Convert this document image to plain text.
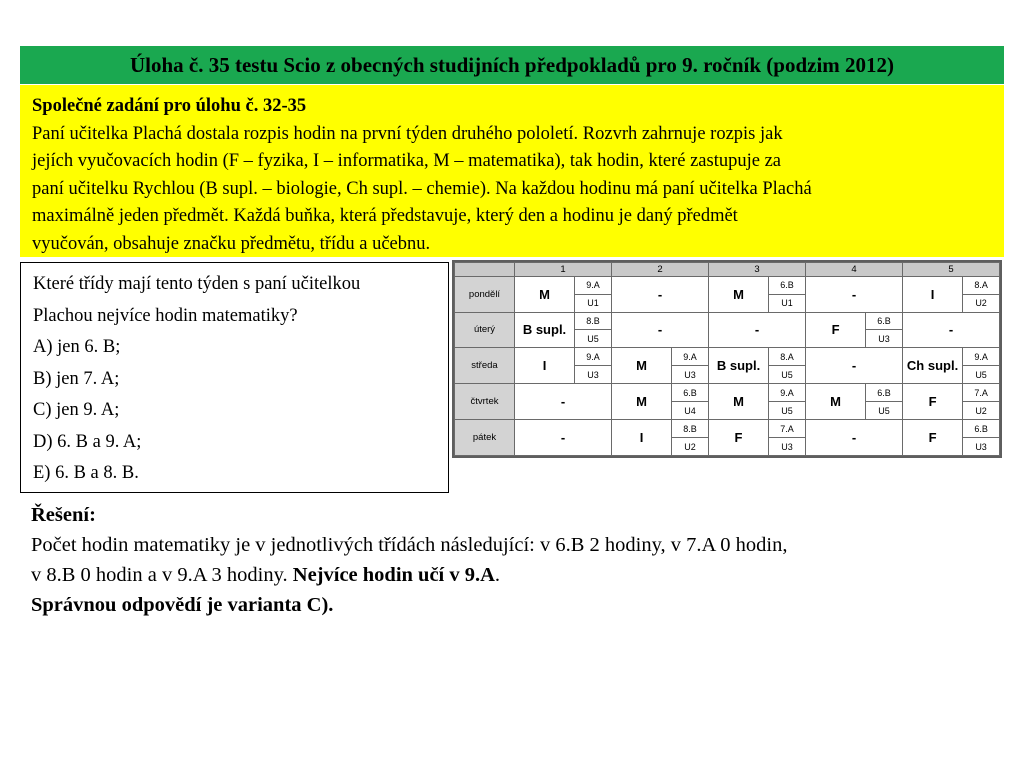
Úloha č. 35 testu Scio z obecných studijních předpokladů pro 9. ročník (podzim 2012)
Společné zadání pro úlohu č. 32-35
Paní učitelka Plachá dostala rozpis hodin na první týden druhého pololetí. Rozvrh zahrnuje rozpis jak
jejích vyučovacích hodin (F – fyzika, I – informatika, M – matematika), tak hodin, které zastupuje za
paní učitelku Rychlou (B supl. – biologie, Ch supl. – chemie). Na každou hodinu má paní učitelka Plachá
maximálně jeden předmět. Každá buňka, která představuje, který den a hodinu je daný předmět
vyučován, obsahuje značku předmětu, třídu a učebnu.

Které třídy mají tento týden s paní učitelkou

Plachou nejvíce hodin matematiky?

A) jen 6. B;

B) jen 7. A;

C) jen 9. A;

D) 6. B a 9. A;

E) 6. B a 8. B.

	1		2		3		4		5	
pondělí	M	9.A	-		M	6.B	-		I	8.A
		U1				U1				U2
úterý	B supl.	8.B	-		-		F	6.B	-	
		U5						U3		
středa	I	9.A	M	9.A	B supl.	8.A	-		Ch supl.	9.A
		U3		U3		U5				U5
čtvrtek	-		M	6.B	M	9.A	M	6.B	F	7.A
				U4		U5		U5		U2
pátek	-		I	8.B	F	7.A	-		F	6.B
				U2		U3				U3

Řešení:

Počet hodin matematiky je v jednotlivých třídách následující: v 6.B 2 hodiny, v 7.A 0 hodin,

v 8.B 0 hodin a v 9.A 3 hodiny. Nejvíce hodin učí v 9.A.

Správnou odpovědí je varianta C).
